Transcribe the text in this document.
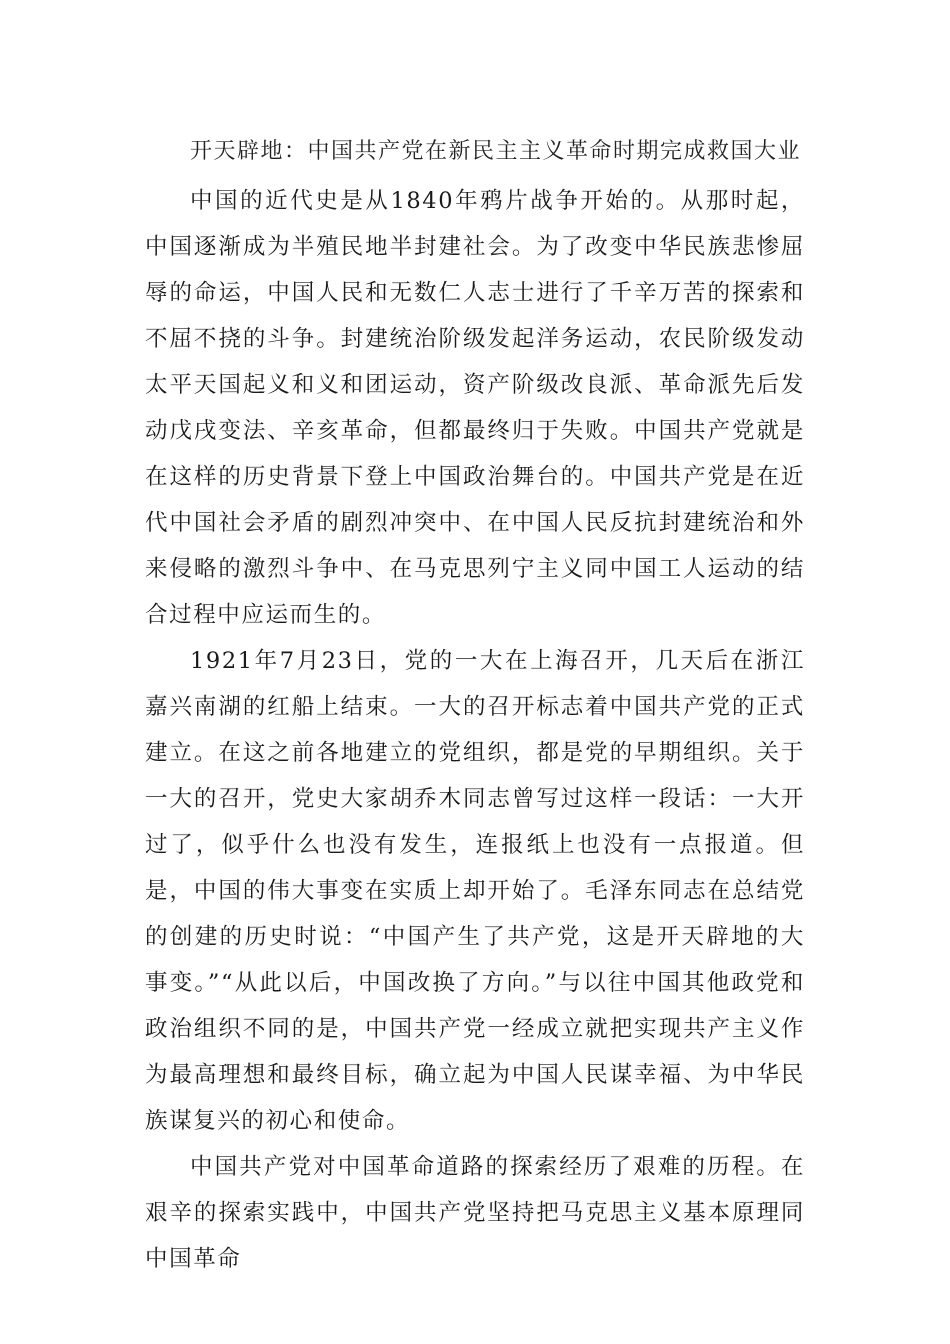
开天辟地：中国共产党在新民主主义革命时期完成救国大业

中国的近代史是从1840年鸦片战争开始的。从那时起，中国逐渐成为半殖民地半封建社会。为了改变中华民族悲惨屈辱的命运，中国人民和无数仁人志士进行了千辛万苦的探索和不屈不挠的斗争。封建统治阶级发起洋务运动，农民阶级发动太平天国起义和义和团运动，资产阶级改良派、革命派先后发动戊戌变法、辛亥革命，但都最终归于失败。中国共产党就是在这样的历史背景下登上中国政治舞台的。中国共产党是在近代中国社会矛盾的剧烈冲突中、在中国人民反抗封建统治和外来侵略的激烈斗争中、在马克思列宁主义同中国工人运动的结合过程中应运而生的。

1921年7月23日，党的一大在上海召开，几天后在浙江嘉兴南湖的红船上结束。一大的召开标志着中国共产党的正式建立。在这之前各地建立的党组织，都是党的早期组织。关于一大的召开，党史大家胡乔木同志曾写过这样一段话：一大开过了，似乎什么也没有发生，连报纸上也没有一点报道。但是，中国的伟大事变在实质上却开始了。毛泽东同志在总结党的创建的历史时说：“中国产生了共产党，这是开天辟地的大事变。”“从此以后，中国改换了方向。”与以往中国其他政党和政治组织不同的是，中国共产党一经成立就把实现共产主义作为最高理想和最终目标，确立起为中国人民谋幸福、为中华民族谋复兴的初心和使命。

中国共产党对中国革命道路的探索经历了艰难的历程。在艰辛的探索实践中，中国共产党坚持把马克思主义基本原理同中国革命
